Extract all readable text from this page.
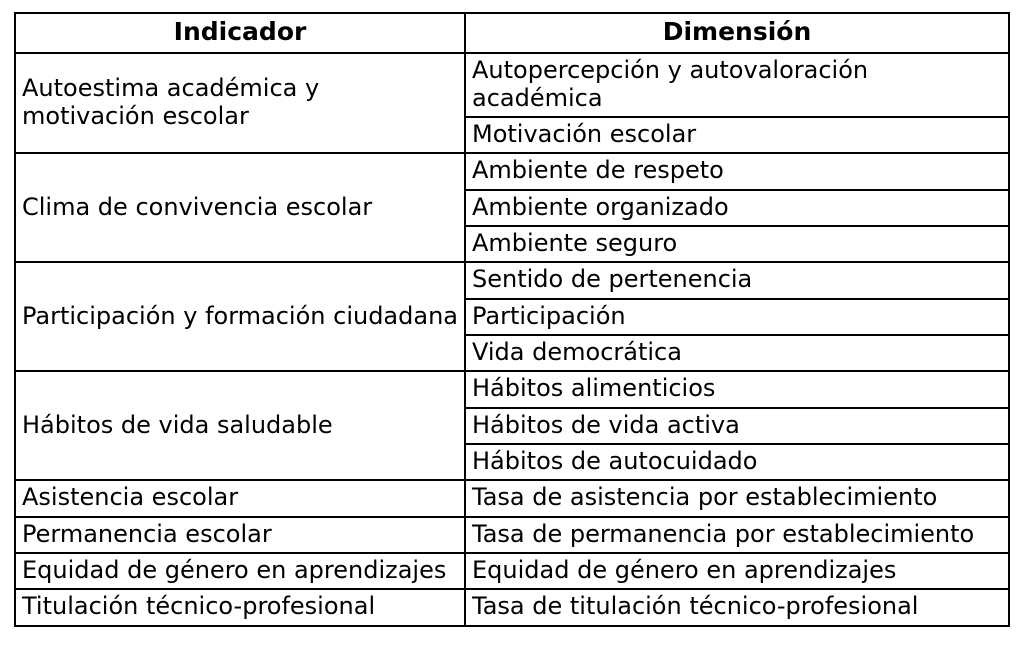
Indicador	Dimensión
Autoestima académica y motivación escolar	Autopercepción y autovaloración académica
	Motivación escolar
Clima de convivencia escolar	Ambiente de respeto
	Ambiente organizado
	Ambiente seguro
Participación y formación ciudadana	Sentido de pertenencia
	Participación
	Vida democrática
Hábitos de vida saludable	Hábitos alimenticios
	Hábitos de vida activa
	Hábitos de autocuidado
Asistencia escolar	Tasa de asistencia por establecimiento
Permanencia escolar	Tasa de permanencia por establecimiento
Equidad de género en aprendizajes	Equidad de género en aprendizajes
Titulación técnico-profesional	Tasa de titulación técnico-profesional
